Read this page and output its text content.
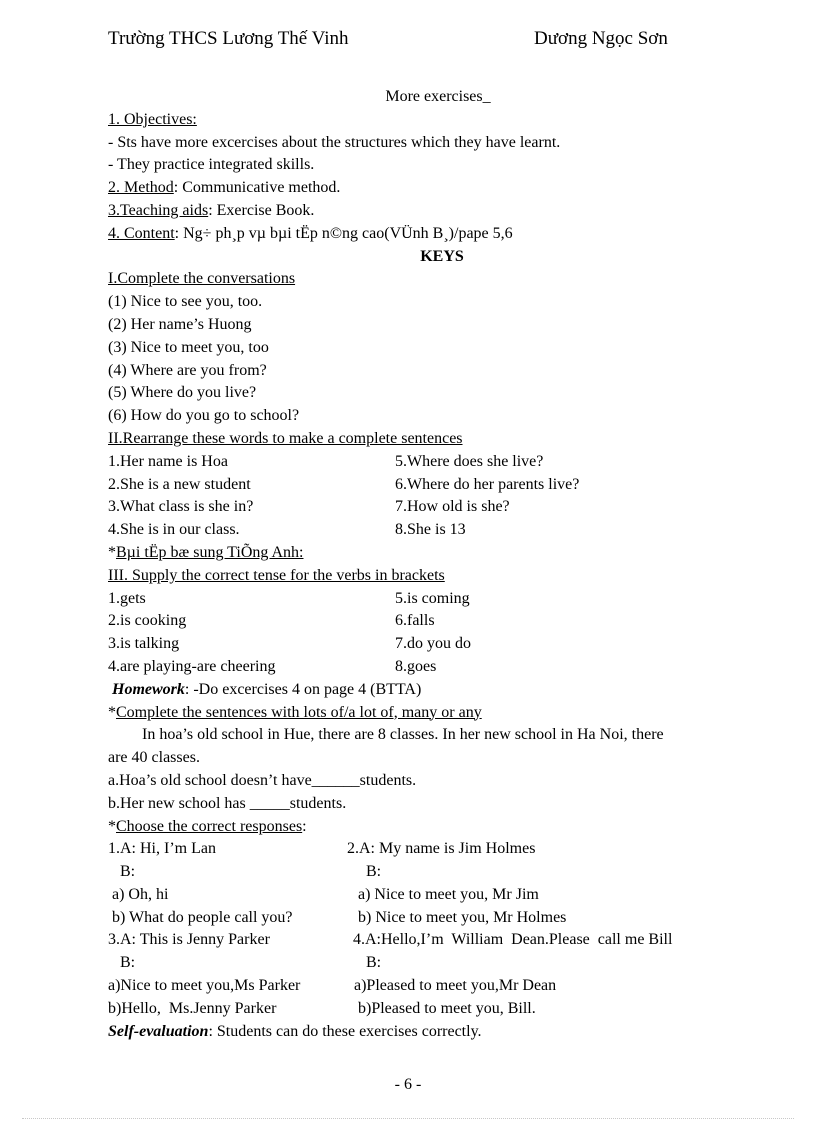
Trường THCS Lương Thế Vinh	Dương Ngọc Sơn
More exercises_
1. Objectives:
- Sts have more excercises about the structures which they have learnt.
- They practice integrated skills.
2. Method: Communicative method.
3.Teaching aids: Exercise Book.
4. Content: Ng÷ ph¸p vµ bµi tËp n©ng cao(VÜnh B¸)/pape 5,6
KEYS
I.Complete the conversations
(1) Nice to see you, too.
(2) Her name’s Huong
(3) Nice to meet you, too
(4) Where are you from?
(5) Where do you live?
(6) How do you go to school?
II.Rearrange these words to make a complete sentences
1.Her name is Hoa	5.Where does she live?
2.She is a new student	6.Where do her parents live?
3.What class is she in?	7.How old is she?
4.She is in our class.	8.She is 13
*Bµi tËp bæ sung TiÕng Anh:
III. Supply the correct tense for the verbs in brackets
1.gets	5.is coming
2.is cooking	6.falls
3.is talking	7.do you do
4.are playing-are cheering	8.goes
Homework: -Do excercises 4 on page 4 (BTTA)
*Complete the sentences with lots of/a lot of, many or any
In hoa’s old school in Hue, there are 8 classes. In her new school in Ha Noi, there
are 40 classes.
a.Hoa’s old school doesn’t have______students.
b.Her new school has _____students.
*Choose the correct responses:
1.A: Hi, I’m Lan	2.A: My name is Jim Holmes
B:	B:
a) Oh, hi	a) Nice to meet you, Mr Jim
b) What do people call you?	b) Nice to meet you, Mr Holmes
3.A: This is Jenny Parker	4.A:Hello,I’m  William  Dean.Please  call me Bill
B:	B:
a)Nice to meet you,Ms Parker	a)Pleased to meet you,Mr Dean
b)Hello,  Ms.Jenny Parker	b)Pleased to meet you, Bill.
Self-evaluation: Students can do these exercises correctly.
- 6 -
